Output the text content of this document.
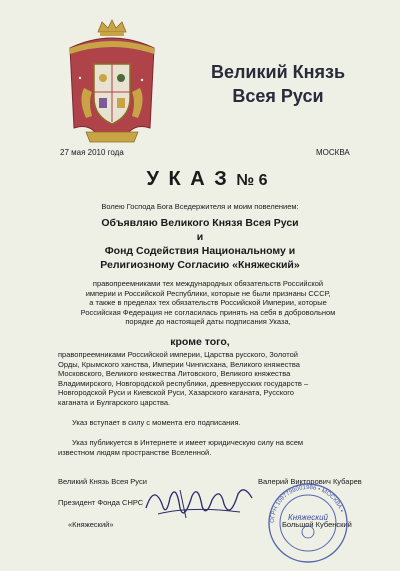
Великий Князь
Всея Руси
27 мая 2010 года	МОСКВА
У К А З № 6
Волею Господа Бога Вседержителя и моим повелением:
Объявляю Великого Князя Всея Руси
и
Фонд Содействия Национальному и
Религиозному Согласию «Княжеский»
правопреемниками тех международных обязательств Российской
империи и Российской Республики, которые не были признаны СССР,
а также в пределах тех обязательств Российской Империи, которые
Российская Федерация не согласилась принять на себя в добровольном
порядке до настоящей даты подписания Указа,
кроме того,
правопреемниками Российской империи, Царства русского, Золотой
Орды, Крымского ханства, Империи Чингисхана, Великого княжества
Московского, Великого княжества Литовского, Великого княжества
Владимирского, Новгородской республики, древнерусских государств –
Новгородской Руси и Киевской Руси, Хазарского каганата, Русского
каганата и Булгарского царства.
Указ вступает в силу с момента его подписания.
Указ публикуется в Интернете и имеет юридическую силу на всем
известном людям пространстве Вселенной.
Великий Князь Всея Руси	Валерий Викторович Кубарев
Президент Фонда СНРС
«Княжеский»	Большой Кубенский
ОГРН 1097799001986 • МОСКВА •
Княжеский
